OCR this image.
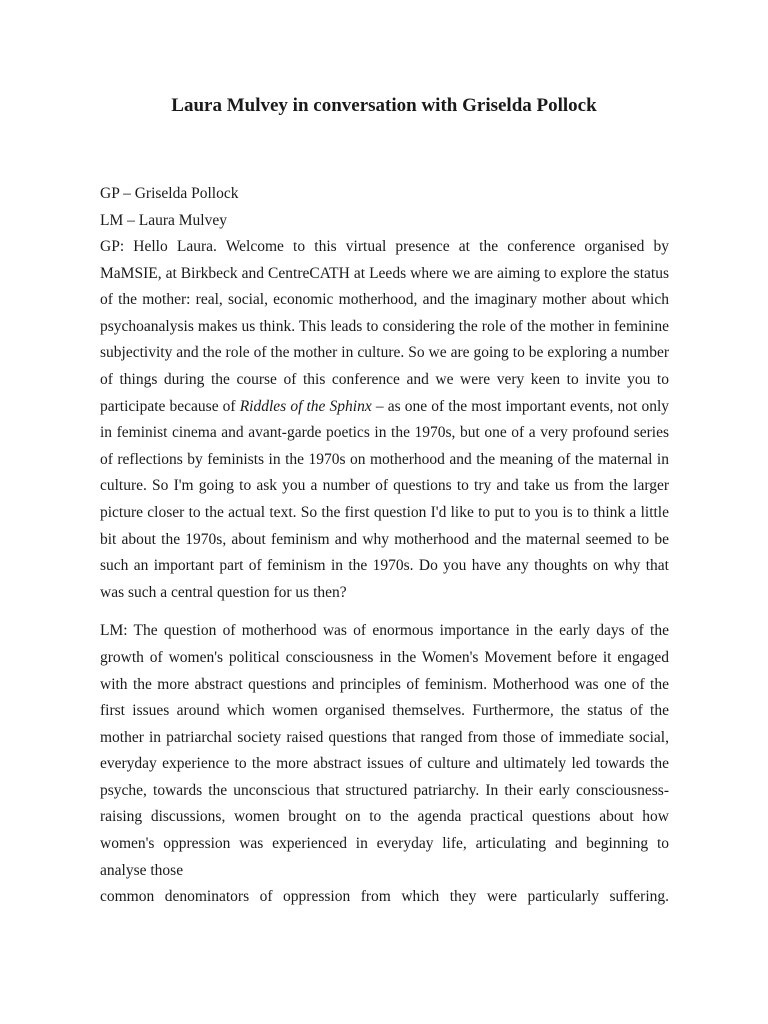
Laura Mulvey in conversation with Griselda Pollock
GP – Griselda Pollock
LM – Laura Mulvey

GP: Hello Laura. Welcome to this virtual presence at the conference organised by MaMSIE, at Birkbeck and CentreCATH at Leeds where we are aiming to explore the status of the mother: real, social, economic motherhood, and the imaginary mother about which psychoanalysis makes us think. This leads to considering the role of the mother in feminine subjectivity and the role of the mother in culture. So we are going to be exploring a number of things during the course of this conference and we were very keen to invite you to participate because of Riddles of the Sphinx – as one of the most important events, not only in feminist cinema and avant-garde poetics in the 1970s, but one of a very profound series of reflections by feminists in the 1970s on motherhood and the meaning of the maternal in culture. So I'm going to ask you a number of questions to try and take us from the larger picture closer to the actual text. So the first question I'd like to put to you is to think a little bit about the 1970s, about feminism and why motherhood and the maternal seemed to be such an important part of feminism in the 1970s. Do you have any thoughts on why that was such a central question for us then?

LM: The question of motherhood was of enormous importance in the early days of the growth of women's political consciousness in the Women's Movement before it engaged with the more abstract questions and principles of feminism. Motherhood was one of the first issues around which women organised themselves. Furthermore, the status of the mother in patriarchal society raised questions that ranged from those of immediate social, everyday experience to the more abstract issues of culture and ultimately led towards the psyche, towards the unconscious that structured patriarchy. In their early consciousness-raising discussions, women brought on to the agenda practical questions about how women's oppression was experienced in everyday life, articulating and beginning to analyse those
common denominators of oppression from which they were particularly suffering.
